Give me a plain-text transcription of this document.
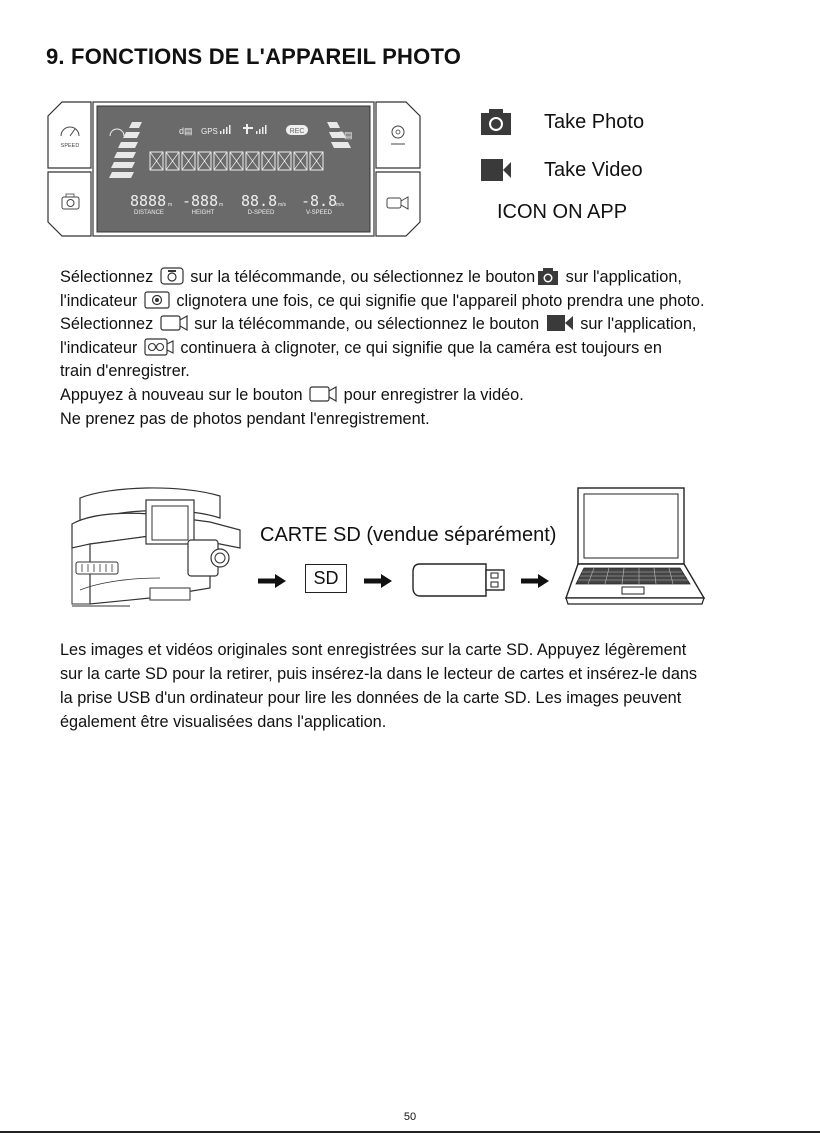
9. FONCTIONS DE L'APPAREIL PHOTO
SPEED
d▤ GPS	REC	S▤
8888 m -888 m 88.8 m/s -8.8
m/s
DISTANCE	HEIGHT	D-SPEED	V-SPEED
Take Photo
Take Video
ICON ON APP
Sélectionnez sur la télécommande, ou sélectionnez le bouton sur l'application,
l'indicateur clignotera une fois, ce qui signifie que l'appareil photo prendra une photo.
Sélectionnez	sur la télécommande, ou sélectionnez le bouton	sur l'application,
l'indicateur	continuera à clignoter, ce qui signifie que la caméra est toujours en
train d'enregistrer.
Appuyez à nouveau sur le bouton	pour enregistrer la vidéo.
Ne prenez pas de photos pendant l'enregistrement.
CARTE SD (vendue séparément)
SD
Les images et vidéos originales sont enregistrées sur la carte SD. Appuyez légèrement
sur la carte SD pour la retirer, puis insérez-la dans le lecteur de cartes et insérez-le dans
la prise USB d'un ordinateur pour lire les données de la carte SD. Les images peuvent
également être visualisées dans l'application.
50
